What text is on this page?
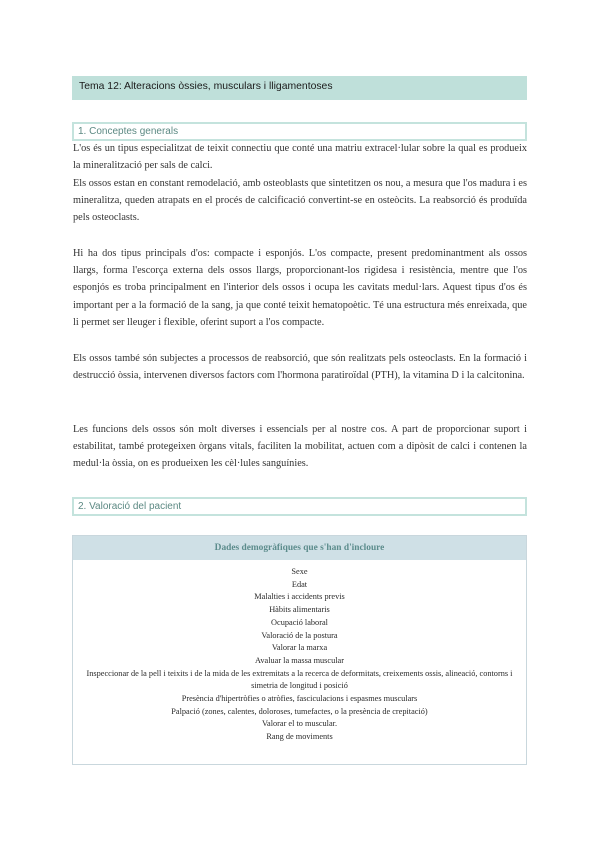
Tema 12: Alteracions òssies, musculars i lligamentoses
1. Conceptes generals

L'os és un tipus especialitzat de teixit connectiu que conté una matriu extracel·lular sobre la qual es produeix la mineralització per sals de calci.

Els ossos estan en constant remodelació, amb osteoblasts que sintetitzen os nou, a mesura que l'os madura i es mineralitza, queden atrapats en el procés de calcificació convertint-se en osteòcits. La reabsorció és produïda pels osteoclasts.

Hi ha dos tipus principals d'os: compacte i esponjós. L'os compacte, present predominantment als ossos llargs, forma l'escorça externa dels ossos llargs, proporcionant-los rigidesa i resistència, mentre que l'os esponjós es troba principalment en l'interior dels ossos i ocupa les cavitats medul·lars. Aquest tipus d'os és important per a la formació de la sang, ja que conté teixit hematopoètic. Té una estructura més enreixada, que li permet ser lleuger i flexible, oferint suport a l'os compacte.

Els ossos també són subjectes a processos de reabsorció, que són realitzats pels osteoclasts. En la formació i destrucció òssia, intervenen diversos factors com l'hormona paratiroïdal (PTH), la vitamina D i la calcitonina.

Les funcions dels ossos són molt diverses i essencials per al nostre cos. A part de proporcionar suport i estabilitat, també protegeixen òrgans vitals, faciliten la mobilitat, actuen com a dipòsit de calci i contenen la medul·la òssia, on es produeixen les cèl·lules sanguínies.

2. Valoració del pacient
Dades demogràfiques que s'han d'incloure
Sexe
Edat
Malalties i accidents previs
Hàbits alimentaris
Ocupació laboral
Valoració de la postura
Valorar la marxa
Avaluar la massa muscular
Inspeccionar de la pell i teixits i de la mida de les extremitats a la recerca de deformitats, creixements ossis, alineació, contorns i simetria de longitud i posició
Presència d'hipertròfies o atròfies, fasciculacions i espasmes musculars
Palpació (zones, calentes, doloroses, tumefactes, o la presència de crepitació)
Valorar el to muscular.
Rang de moviments
